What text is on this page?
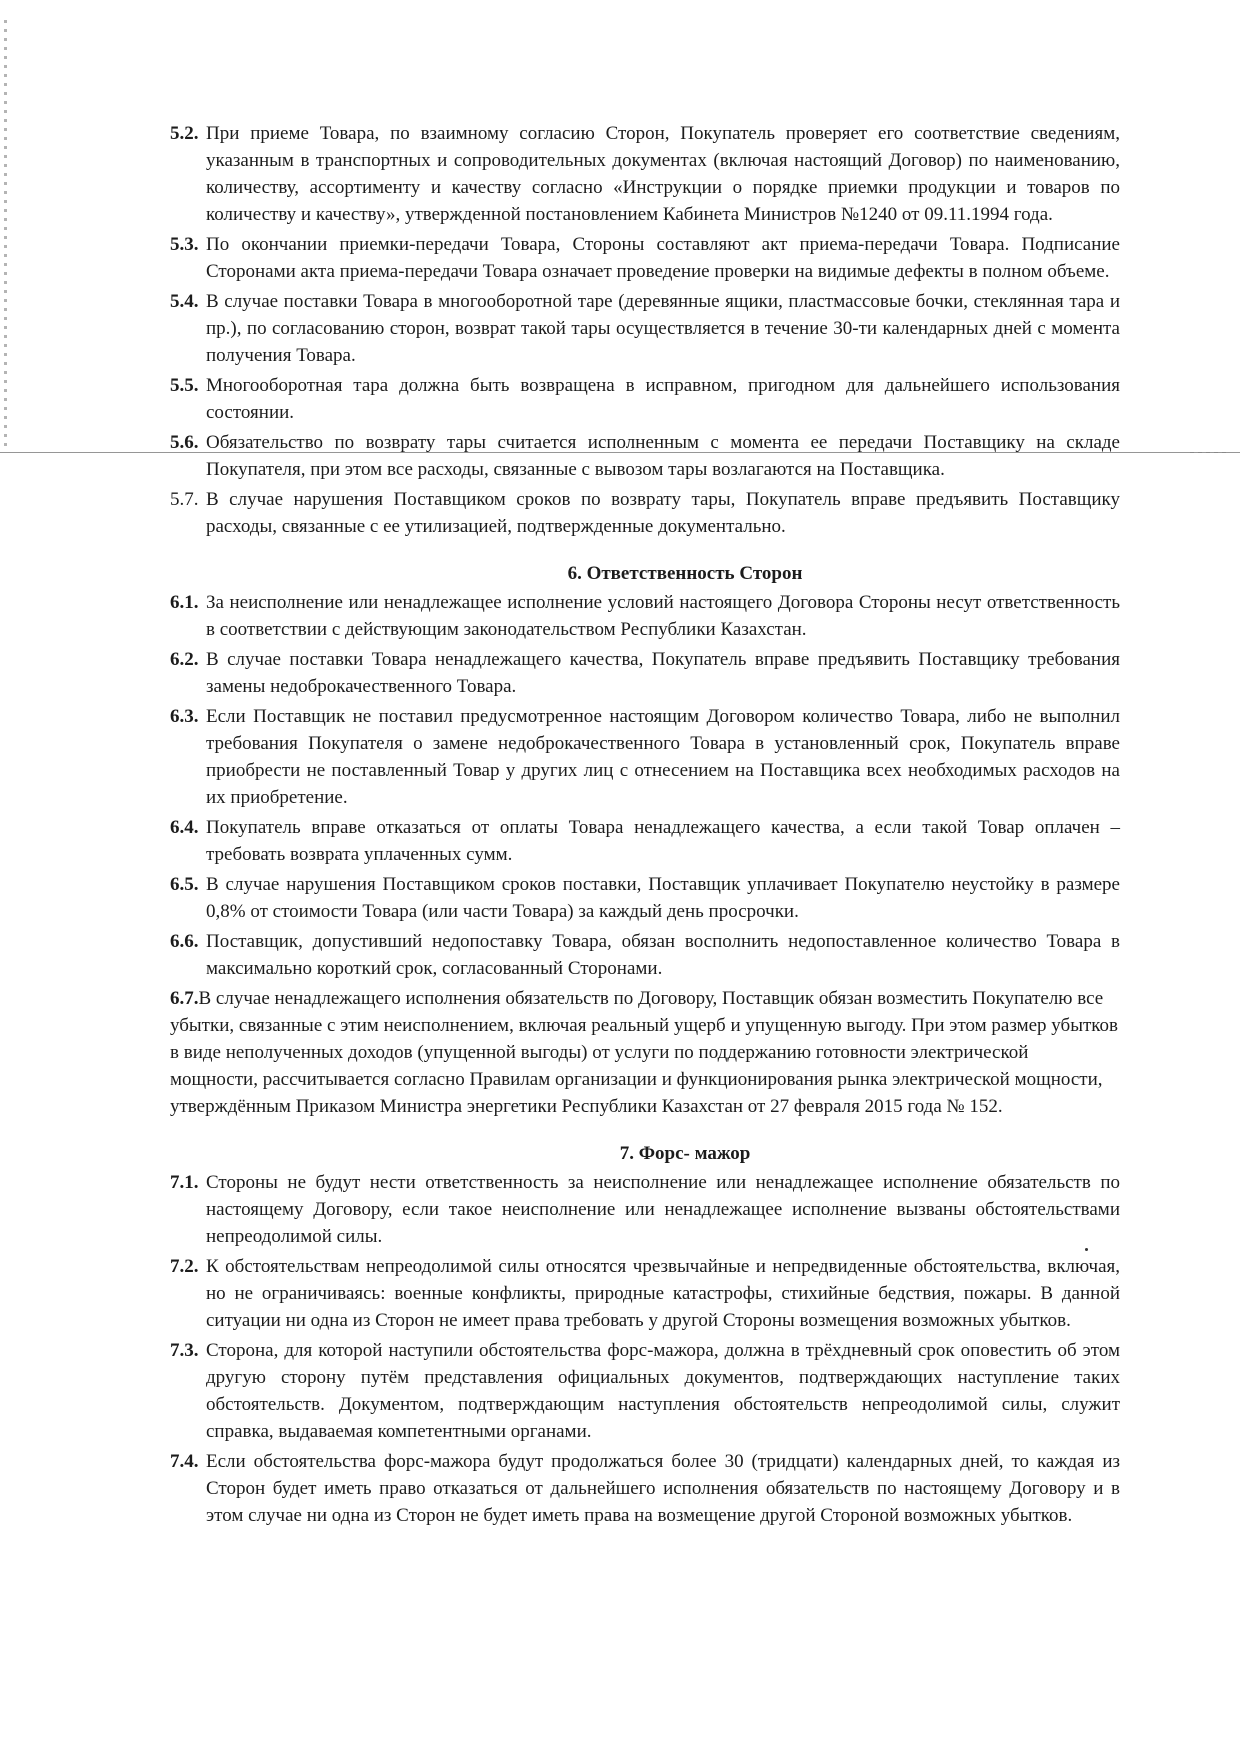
5.2. При приеме Товара, по взаимному согласию Сторон, Покупатель проверяет его соответствие сведениям, указанным в транспортных и сопроводительных документах (включая настоящий Договор) по наименованию, количеству, ассортименту и качеству согласно «Инструкции о порядке приемки продукции и товаров по количеству и качеству», утвержденной постановлением Кабинета Министров №1240 от 09.11.1994 года.
5.3. По окончании приемки-передачи Товара, Стороны составляют акт приема-передачи Товара. Подписание Сторонами акта приема-передачи Товара означает проведение проверки на видимые дефекты в полном объеме.
5.4. В случае поставки Товара в многооборотной таре (деревянные ящики, пластмассовые бочки, стеклянная тара и пр.), по согласованию сторон, возврат такой тары осуществляется в течение 30-ти календарных дней с момента получения Товара.
5.5. Многооборотная тара должна быть возвращена в исправном, пригодном для дальнейшего использования состоянии.
5.6. Обязательство по возврату тары считается исполненным с момента ее передачи Поставщику на складе Покупателя, при этом все расходы, связанные с вывозом тары возлагаются на Поставщика.
5.7. В случае нарушения Поставщиком сроков по возврату тары, Покупатель вправе предъявить Поставщику расходы, связанные с ее утилизацией, подтвержденные документально.
6. Ответственность Сторон
6.1. За неисполнение или ненадлежащее исполнение условий настоящего Договора Стороны несут ответственность в соответствии с действующим законодательством Республики Казахстан.
6.2. В случае поставки Товара ненадлежащего качества, Покупатель вправе предъявить Поставщику требования замены недоброкачественного Товара.
6.3. Если Поставщик не поставил предусмотренное настоящим Договором количество Товара, либо не выполнил требования Покупателя о замене недоброкачественного Товара в установленный срок, Покупатель вправе приобрести не поставленный Товар у других лиц с отнесением на Поставщика всех необходимых расходов на их приобретение.
6.4. Покупатель вправе отказаться от оплаты Товара ненадлежащего качества, а если такой Товар оплачен – требовать возврата уплаченных сумм.
6.5. В случае нарушения Поставщиком сроков поставки, Поставщик уплачивает Покупателю неустойку в размере 0,8% от стоимости Товара (или части Товара) за каждый день просрочки.
6.6. Поставщик, допустивший недопоставку Товара, обязан восполнить недопоставленное количество Товара в максимально короткий срок, согласованный Сторонами.
6.7.В случае ненадлежащего исполнения обязательств по Договору, Поставщик обязан возместить Покупателю все убытки, связанные с этим неисполнением, включая реальный ущерб и упущенную выгоду. При этом размер убытков в виде неполученных доходов (упущенной выгоды) от услуги по поддержанию готовности электрической мощности, рассчитывается согласно Правилам организации и функционирования рынка электрической мощности, утверждённым Приказом Министра энергетики Республики Казахстан от 27 февраля 2015 года № 152.
7. Форс- мажор
7.1. Стороны не будут нести ответственность за неисполнение или ненадлежащее исполнение обязательств по настоящему Договору, если такое неисполнение или ненадлежащее исполнение вызваны обстоятельствами непреодолимой силы.
7.2. К обстоятельствам непреодолимой силы относятся чрезвычайные и непредвиденные обстоятельства, включая, но не ограничиваясь: военные конфликты, природные катастрофы, стихийные бедствия, пожары. В данной ситуации ни одна из Сторон не имеет права требовать у другой Стороны возмещения возможных убытков.
7.3. Сторона, для которой наступили обстоятельства форс-мажора, должна в трёхдневный срок оповестить об этом другую сторону путём представления официальных документов, подтверждающих наступление таких обстоятельств. Документом, подтверждающим наступления обстоятельств непреодолимой силы, служит справка, выдаваемая компетентными органами.
7.4. Если обстоятельства форс-мажора будут продолжаться более 30 (тридцати) календарных дней, то каждая из Сторон будет иметь право отказаться от дальнейшего исполнения обязательств по настоящему Договору и в этом случае ни одна из Сторон не будет иметь права на возмещение другой Стороной возможных убытков.
